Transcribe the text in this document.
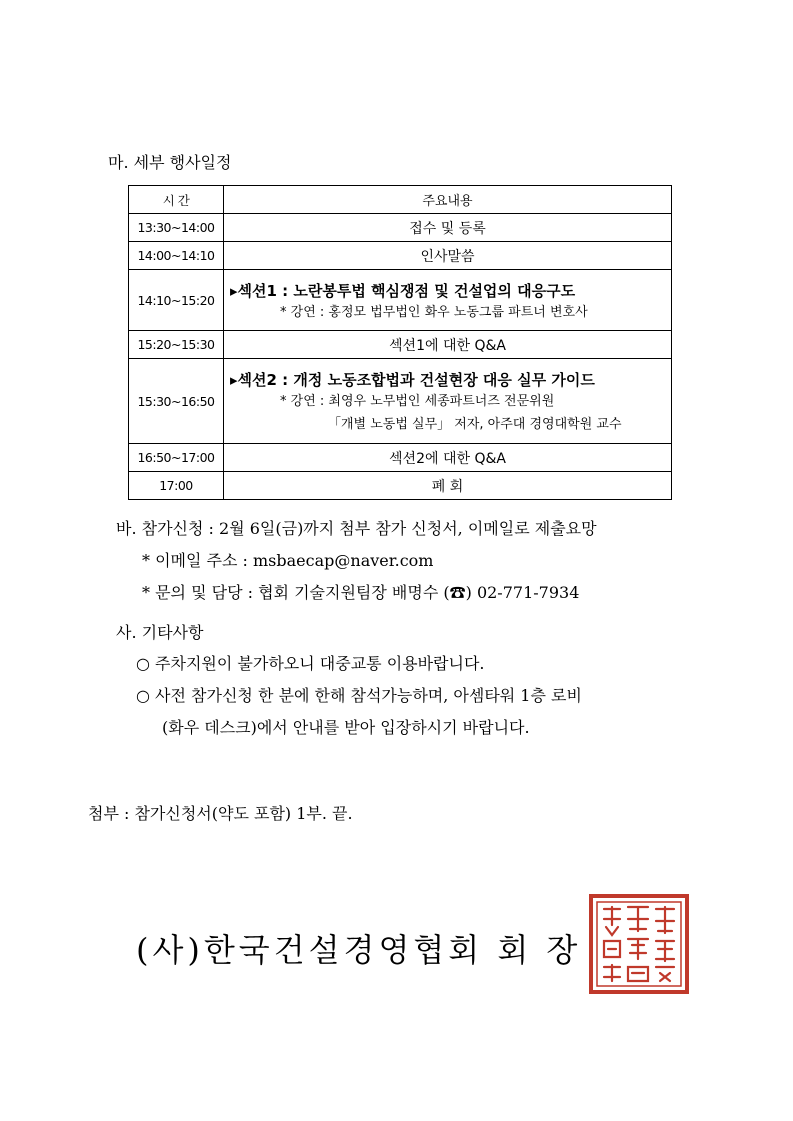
마. 세부 행사일정
시 간	주요내용
13:30~14:00	접수 및 등록
14:00~14:10	인사말씀
14:10~15:20	▸섹션1 : 노란봉투법 핵심쟁점 및 건설업의 대응구도
* 강연 : 홍정모 법무법인 화우 노동그룹 파트너 변호사

15:20~15:30	섹션1에 대한 Q&A
15:30~16:50	▸섹션2 : 개정 노동조합법과 건설현장 대응 실무 가이드
* 강연 : 최영우 노무법인 세종파트너즈 전문위원
「개별 노동법 실무」 저자, 아주대 경영대학원 교수

16:50~17:00	섹션2에 대한 Q&A
17:00	폐 회
바. 참가신청 : 2월 6일(금)까지 첨부 참가 신청서, 이메일로 제출요망
* 이메일 주소 : msbaecap@naver.com
* 문의 및 담당 : 협회 기술지원팀장 배명수 (☎) 02-771-7934
사. 기타사항
○ 주차지원이 불가하오니 대중교통 이용바랍니다.
○ 사전 참가신청 한 분에 한해 참석가능하며, 아셈타워 1층 로비
(화우 데스크)에서 안내를 받아 입장하시기 바랍니다.
첨부 : 참가신청서(약도 포함) 1부. 끝.
(사)한국건설경영협회 회 장
